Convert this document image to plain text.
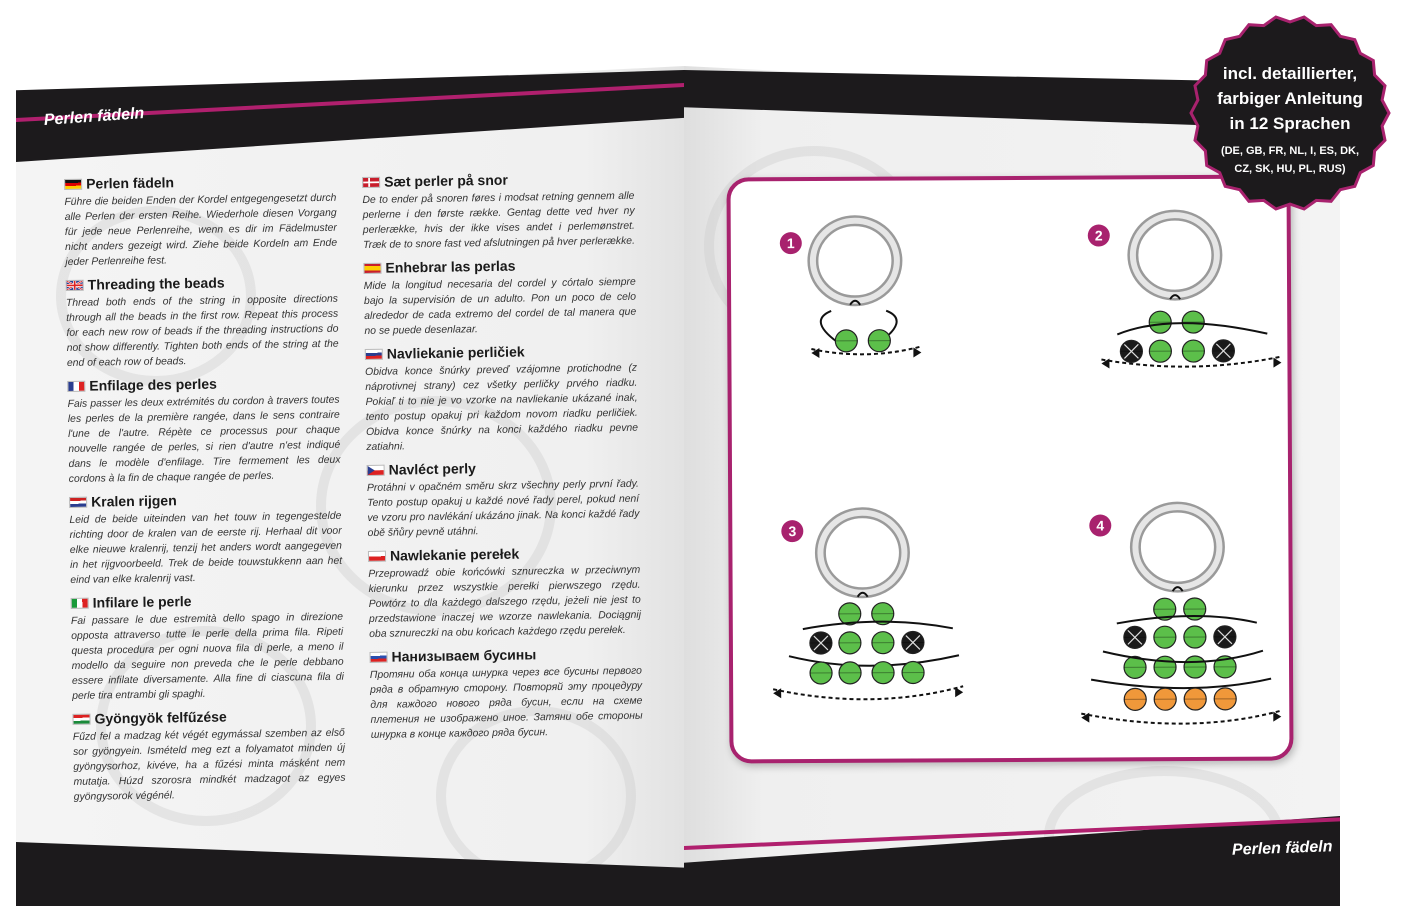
Perlen fädeln
Perlen fädeln
Perlen fädeln
Führe die beiden Enden der Kordel entgegengesetzt durch alle Perlen der ersten Reihe. Wiederhole diesen Vorgang für jede neue Perlenreihe, wenn es dir im Fädelmuster nicht anders gezeigt wird. Ziehe beide Kordeln am Ende jeder Perlenreihe fest.
Threading the beads
Thread both ends of the string in opposite directions through all the beads in the first row. Repeat this process for each new row of beads if the threading instructions do not show differently. Tighten both ends of the string at the end of each row of beads.
Enfilage des perles
Fais passer les deux extrémités du cordon à travers toutes les perles de la première rangée, dans le sens contraire l'une de l'autre. Répète ce processus pour chaque nouvelle rangée de perles, si rien d'autre n'est indiqué dans le modèle d'enfilage. Tire fermement les deux cordons à la fin de chaque rangée de perles.
Kralen rijgen
Leid de beide uiteinden van het touw in tegengestelde richting door de kralen van de eerste rij. Herhaal dit voor elke nieuwe kralenrij, tenzij het anders wordt aangegeven in het rijgvoorbeeld. Trek de beide touwstukkenn aan het eind van elke kralenrij vast.
Infilare le perle
Fai passare le due estremità dello spago in direzione opposta attraverso tutte le perle della prima fila. Ripeti questa procedura per ogni nuova fila di perle, a meno il modello da seguire non preveda che le perle debbano essere infilate diversamente. Alla fine di ciascuna fila di perle tira entrambi gli spaghi.
Gyöngyök felfűzése
Fűzd fel a madzag két végét egymással szemben az első sor gyöngyein. Ismételd meg ezt a folyamatot minden új gyöngysorhoz, kivéve, ha a fűzési minta másként nem mutatja. Húzd szorosra mindkét madzagot az egyes gyöngysorok végénél.
Sæt perler på snor
De to ender på snoren føres i modsat retning gennem alle perlerne i den første række. Gentag dette ved hver ny perlerække, hvis der ikke vises andet i perlemønstret. Træk de to snore fast ved afslutningen på hver perlerække.
Enhebrar las perlas
Mide la longitud necesaria del cordel y córtalo siempre bajo la supervisión de un adulto. Pon un poco de celo alrededor de cada extremo del cordel de tal manera que no se puede desenlazar.
Navliekanie perličiek
Obidva konce šnúrky preveď vzájomne protichodne (z náprotivnej strany) cez všetky perličky prvého riadku. Pokiaľ ti to nie je vo vzorke na navliekanie ukázané inak, tento postup opakuj pri každom novom riadku perličiek. Obidva konce šnúrky na konci každého riadku pevne zatiahni.
Navléct perly
Protáhni v opačném směru skrz všechny perly první řady. Tento postup opakuj u každé nové řady perel, pokud není ve vzoru pro navlékání ukázáno jinak. Na konci každé řady obě šňůry pevně utáhni.
Nawlekanie perełek
Przeprowadź obie końcówki sznureczka w przeciwnym kierunku przez wszystkie perełki pierwszego rzędu. Powtórz to dla każdego dalszego rzędu, jeżeli nie jest to przedstawione inaczej we wzorze nawlekania. Dociągnij oba sznureczki na obu końcach każdego rzędu perełek.
Нанизываем бусины
Протяни оба конца шнурка через все бусины первого ряда в обратную сторону. Повторяй эту процедуру для каждого нового ряда бусин, если на схеме плетения не изображено иное. Затяни обе стороны шнурка в конце каждого ряда бусин.
1	2
3	4
incl. detaillierter,
farbiger Anleitung
in 12 Sprachen
(DE, GB, FR, NL, I, ES, DK,
CZ, SK, HU, PL, RUS)
